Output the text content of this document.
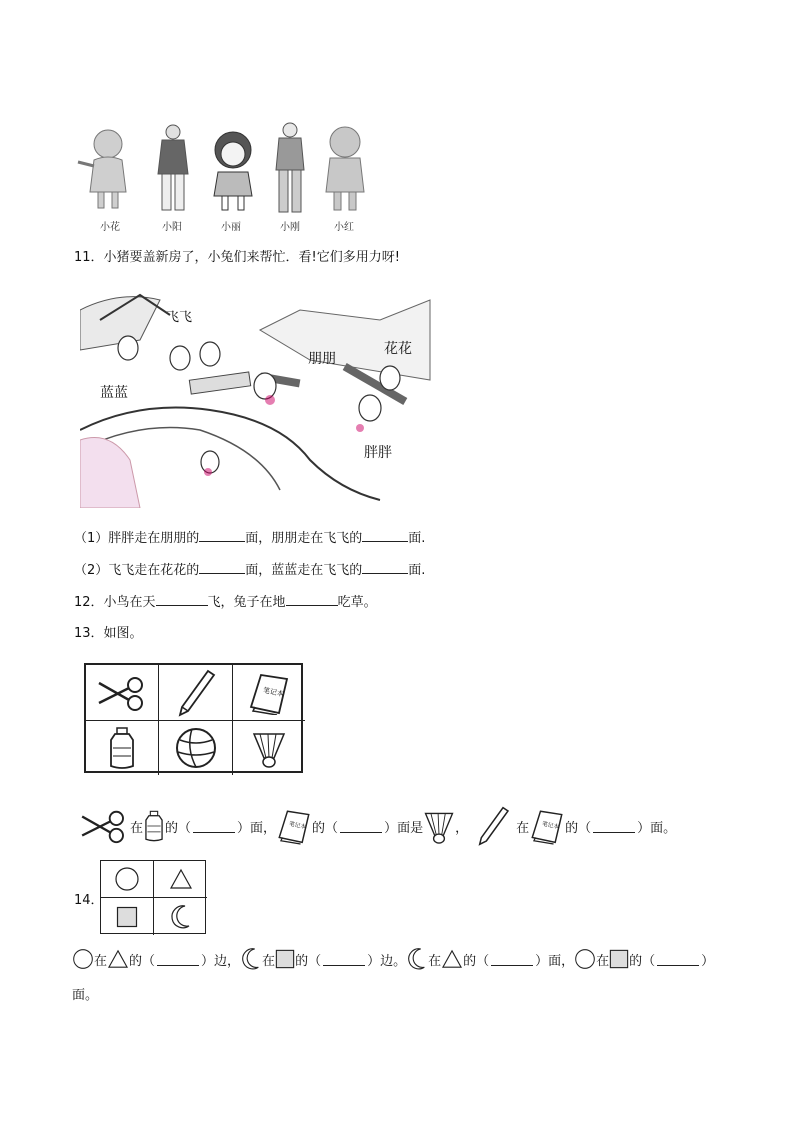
小花	小阳	小丽	小刚	小红
11．小猪要盖新房了，小兔们来帮忙．看!它们多用力呀!
飞飞
朋朋
花花
蓝蓝
胖胖
（1）胖胖走在朋朋的	面，朋朋走在飞飞的	面.
（2）飞飞走在花花的	面，蓝蓝走在飞飞的	面.
12．小鸟在天	飞，兔子在地	吃草。
13．如图。
笔记本
在 的（	）面， 笔记本 的（	）面是 ，	在 笔记本 的（	）面。
14．
在 的（	）边， 在 的（	）边。 在 的（	）面， 在 的（	）
面。
